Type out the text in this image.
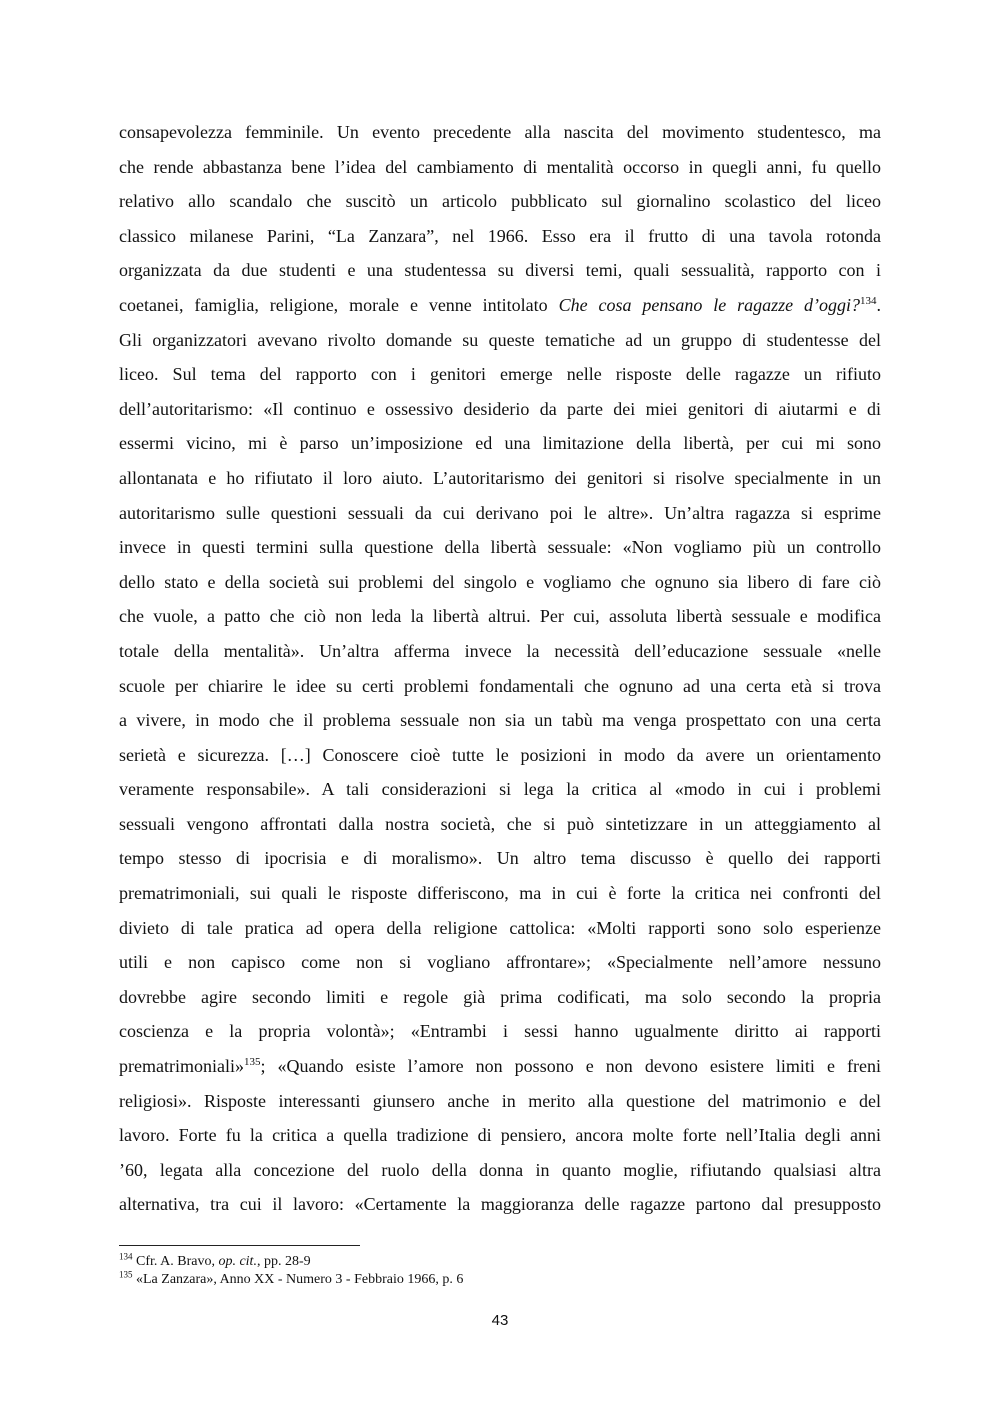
consapevolezza femminile. Un evento precedente alla nascita del movimento studentesco, ma
che rende abbastanza bene l’idea del cambiamento di mentalità occorso in quegli anni, fu quello
relativo allo scandalo che suscitò un articolo pubblicato sul giornalino scolastico del liceo
classico milanese Parini, “La Zanzara”, nel 1966. Esso era il frutto di una tavola rotonda
organizzata da due studenti e una studentessa su diversi temi, quali sessualità, rapporto con i
coetanei, famiglia, religione, morale e venne intitolato Che cosa pensano le ragazze d’oggi?$^{134}$.
Gli organizzatori avevano rivolto domande su queste tematiche ad un gruppo di studentesse del
liceo. Sul tema del rapporto con i genitori emerge nelle risposte delle ragazze un rifiuto
dell’autoritarismo: «Il continuo e ossessivo desiderio da parte dei miei genitori di aiutarmi e di
essermi vicino, mi è parso un’imposizione ed una limitazione della libertà, per cui mi sono
allontanata e ho rifiutato il loro aiuto. L’autoritarismo dei genitori si risolve specialmente in un
autoritarismo sulle questioni sessuali da cui derivano poi le altre». Un’altra ragazza si esprime
invece in questi termini sulla questione della libertà sessuale: «Non vogliamo più un controllo
dello stato e della società sui problemi del singolo e vogliamo che ognuno sia libero di fare ciò
che vuole, a patto che ciò non leda la libertà altrui. Per cui, assoluta libertà sessuale e modifica
totale della mentalità». Un’altra afferma invece la necessità dell’educazione sessuale «nelle
scuole per chiarire le idee su certi problemi fondamentali che ognuno ad una certa età si trova
a vivere, in modo che il problema sessuale non sia un tabù ma venga prospettato con una certa
serietà e sicurezza. […] Conoscere cioè tutte le posizioni in modo da avere un orientamento
veramente responsabile». A tali considerazioni si lega la critica al «modo in cui i problemi
sessuali vengono affrontati dalla nostra società, che si può sintetizzare in un atteggiamento al
tempo stesso di ipocrisia e di moralismo». Un altro tema discusso è quello dei rapporti
prematrimoniali, sui quali le risposte differiscono, ma in cui è forte la critica nei confronti del
divieto di tale pratica ad opera della religione cattolica: «Molti rapporti sono solo esperienze
utili e non capisco come non si vogliano affrontare»; «Specialmente nell’amore nessuno
dovrebbe agire secondo limiti e regole già prima codificati, ma solo secondo la propria
coscienza e la propria volontà»; «Entrambi i sessi hanno ugualmente diritto ai rapporti
prematrimoniali»$^{135}$; «Quando esiste l’amore non possono e non devono esistere limiti e freni
religiosi». Risposte interessanti giunsero anche in merito alla questione del matrimonio e del
lavoro. Forte fu la critica a quella tradizione di pensiero, ancora molte forte nell’Italia degli anni
’60, legata alla concezione del ruolo della donna in quanto moglie, rifiutando qualsiasi altra
alternativa, tra cui il lavoro: «Certamente la maggioranza delle ragazze partono dal presupposto
$^{134}$ Cfr. A. Bravo, op. cit., pp. 28-9
$^{135}$ «La Zanzara», Anno XX - Numero 3 - Febbraio 1966, p. 6
43
